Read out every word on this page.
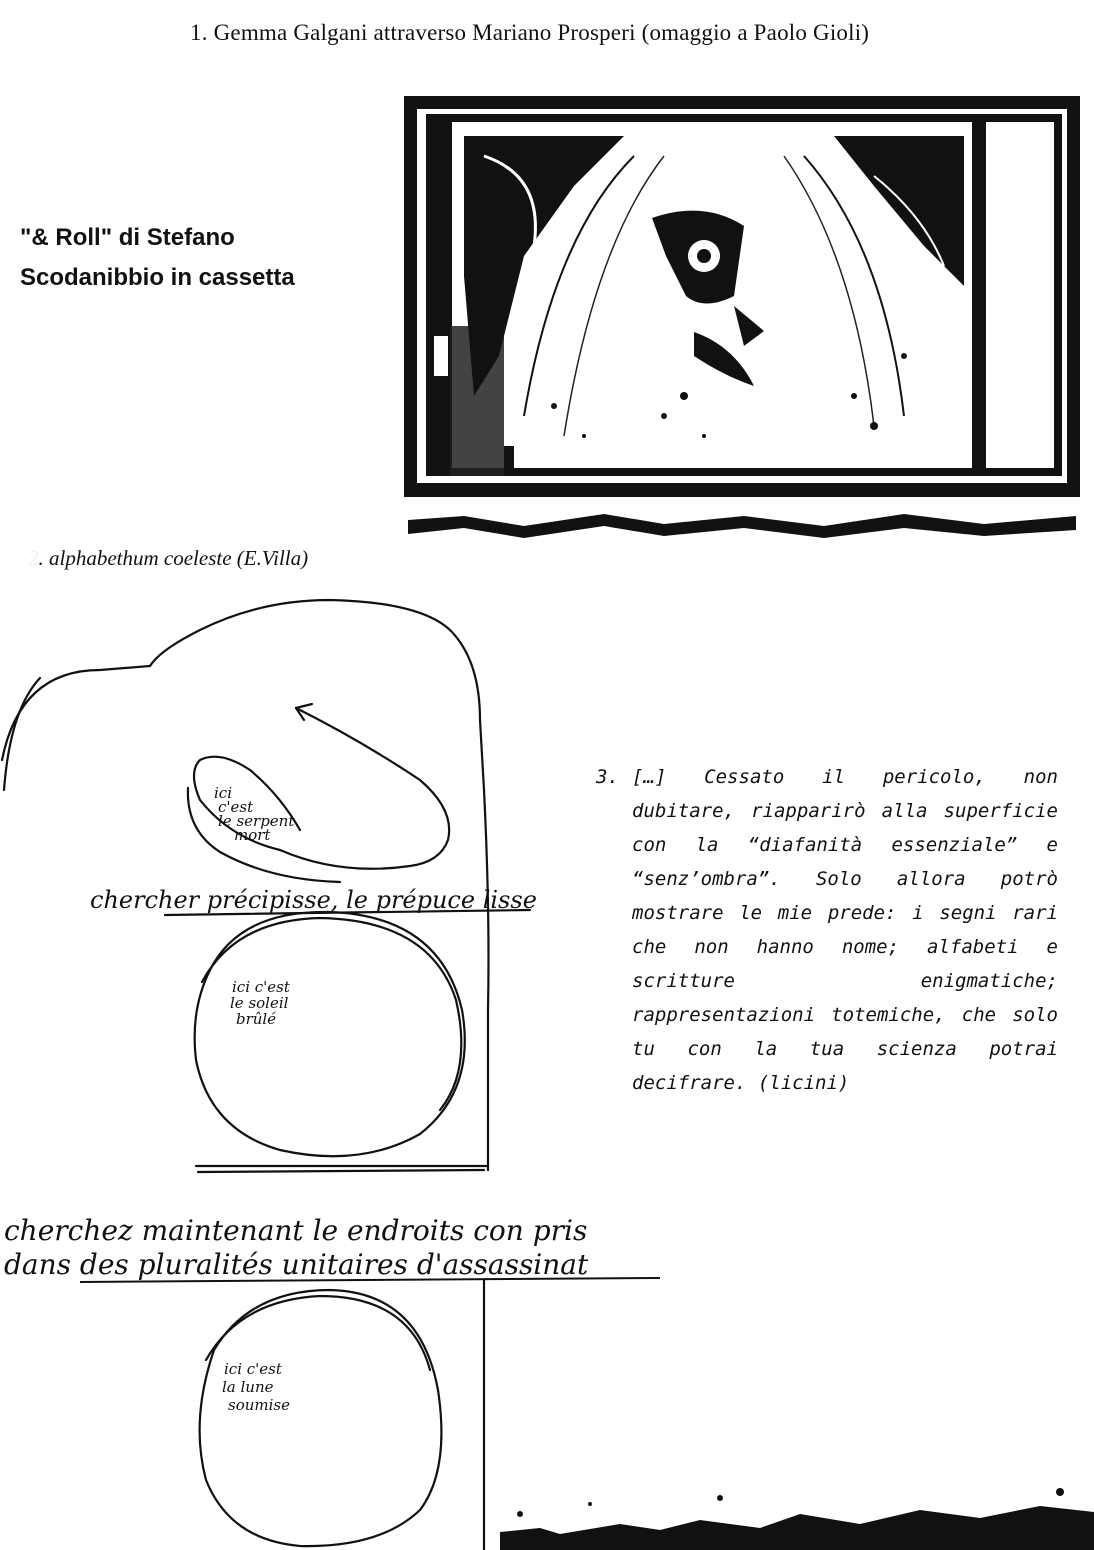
1. Gemma Galgani attraverso Mariano Prosperi (omaggio a Paolo Gioli)
"& Roll" di Stefano
Scodanibbio in cassetta
2. alphabethum coeleste (E.Villa)
ici
c'est
le serpent
mort
chercher précipisse, le prépuce lisse
ici c'est
le soleil
brûlé
cherchez maintenant le endroits con pris
dans des pluralités unitaires d'assassinat
ici c'est
la lune
soumise
3. […] Cessato il pericolo, non dubitare, riapparirò alla superficie con la “diafanità essenziale” e “senz’ombra”. Solo allora potrò mostrare le mie prede: i segni rari che non hanno nome; alfabeti e scritture enigmatiche; rappresentazioni totemiche, che solo tu con la tua scienza potrai decifrare. (licini)
